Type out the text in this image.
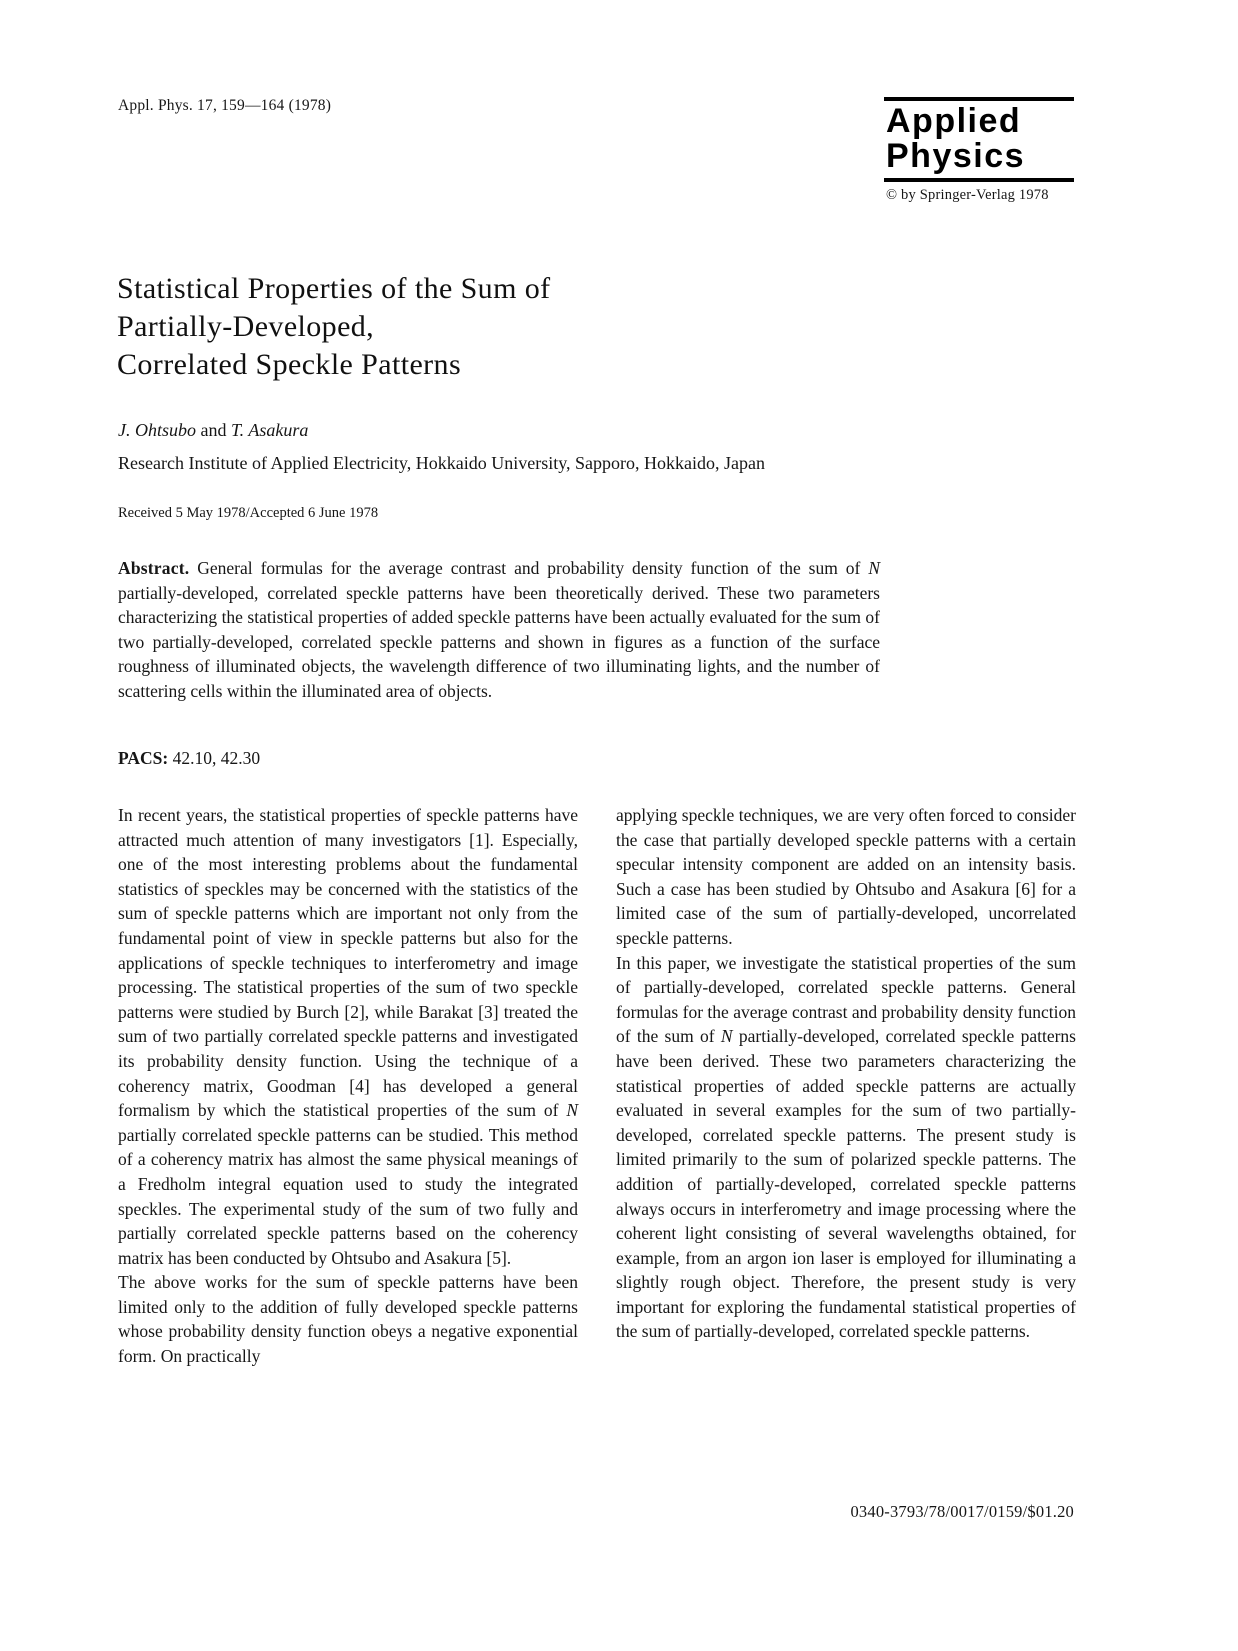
Appl. Phys. 17, 159—164 (1978)	Applied
Physics
© by Springer-Verlag 1978
Statistical Properties of the Sum of
Partially-Developed,
Correlated Speckle Patterns
J. Ohtsubo and T. Asakura
Research Institute of Applied Electricity, Hokkaido University, Sapporo, Hokkaido, Japan
Received 5 May 1978/Accepted 6 June 1978

Abstract. General formulas for the average contrast and probability density function of the sum of N partially-developed, correlated speckle patterns have been theoretically derived. These two parameters characterizing the statistical properties of added speckle patterns have been actually evaluated for the sum of two partially-developed, correlated speckle patterns and shown in figures as a function of the surface roughness of illuminated objects, the wavelength difference of two illuminating lights, and the number of scattering cells within the illuminated area of objects.

PACS: 42.10, 42.30

In recent years, the statistical properties of speckle patterns have attracted much attention of many investigators [1]. Especially, one of the most interesting problems about the fundamental statistics of speckles may be concerned with the statistics of the sum of speckle patterns which are important not only from the fundamental point of view in speckle patterns but also for the applications of speckle techniques to interferometry and image processing. The statistical properties of the sum of two speckle patterns were studied by Burch [2], while Barakat [3] treated the sum of two partially correlated speckle patterns and investigated its probability density function. Using the technique of a coherency matrix, Goodman [4] has developed a general formalism by which the statistical properties of the sum of N partially correlated speckle patterns can be studied. This method of a coherency matrix has almost the same physical meanings of a Fredholm integral equation used to study the integrated speckles. The experimental study of the sum of two fully and partially correlated speckle patterns based on the coherency matrix has been conducted by Ohtsubo and Asakura [5].

The above works for the sum of speckle patterns have been limited only to the addition of fully developed speckle patterns whose probability density function obeys a negative exponential form. On practically

applying speckle techniques, we are very often forced to consider the case that partially developed speckle patterns with a certain specular intensity component are added on an intensity basis. Such a case has been studied by Ohtsubo and Asakura [6] for a limited case of the sum of partially-developed, uncorrelated speckle patterns.

In this paper, we investigate the statistical properties of the sum of partially-developed, correlated speckle patterns. General formulas for the average contrast and probability density function of the sum of N partially-developed, correlated speckle patterns have been derived. These two parameters characterizing the statistical properties of added speckle patterns are actually evaluated in several examples for the sum of two partially-developed, correlated speckle patterns. The present study is limited primarily to the sum of polarized speckle patterns. The addition of partially-developed, correlated speckle patterns always occurs in interferometry and image processing where the coherent light consisting of several wavelengths obtained, for example, from an argon ion laser is employed for illuminating a slightly rough object. Therefore, the present study is very important for exploring the fundamental statistical properties of the sum of partially-developed, correlated speckle patterns.

0340-3793/78/0017/0159/$01.20
